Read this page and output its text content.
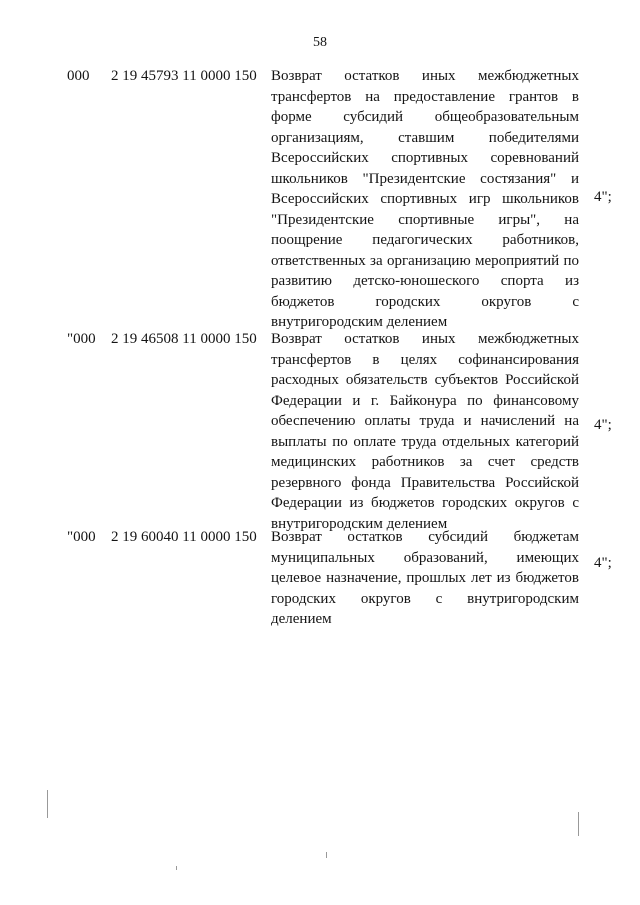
58
000 2 19 45793 11 0000 150 Возврат остатков иных межбюджетных трансфертов на предоставление грантов в форме субсидий общеобразовательным организациям, ставшим победителями Всероссийских спортивных соревнований школьников "Президентские состязания" и Всероссийских спортивных игр школьников "Президентские спортивные игры", на поощрение педагогических работников, ответственных за организацию мероприятий по развитию детско-юношеского спорта из бюджетов городских округов с внутригородским делением

4";
"000 2 19 46508 11 0000 150 Возврат остатков иных межбюджетных трансфертов в целях софинансирования расходных обязательств субъектов Российской Федерации и г. Байконура по финансовому обеспечению оплаты труда и начислений на выплаты по оплате труда отдельных категорий медицинских работников за счет средств резервного фонда Правительства Российской Федерации из бюджетов городских округов с внутригородским делением

4";
"000 2 19 60040 11 0000 150 Возврат остатков субсидий бюджетам муниципальных образований, имеющих целевое назначение, прошлых лет из бюджетов городских округов с внутригородским делением

4";
